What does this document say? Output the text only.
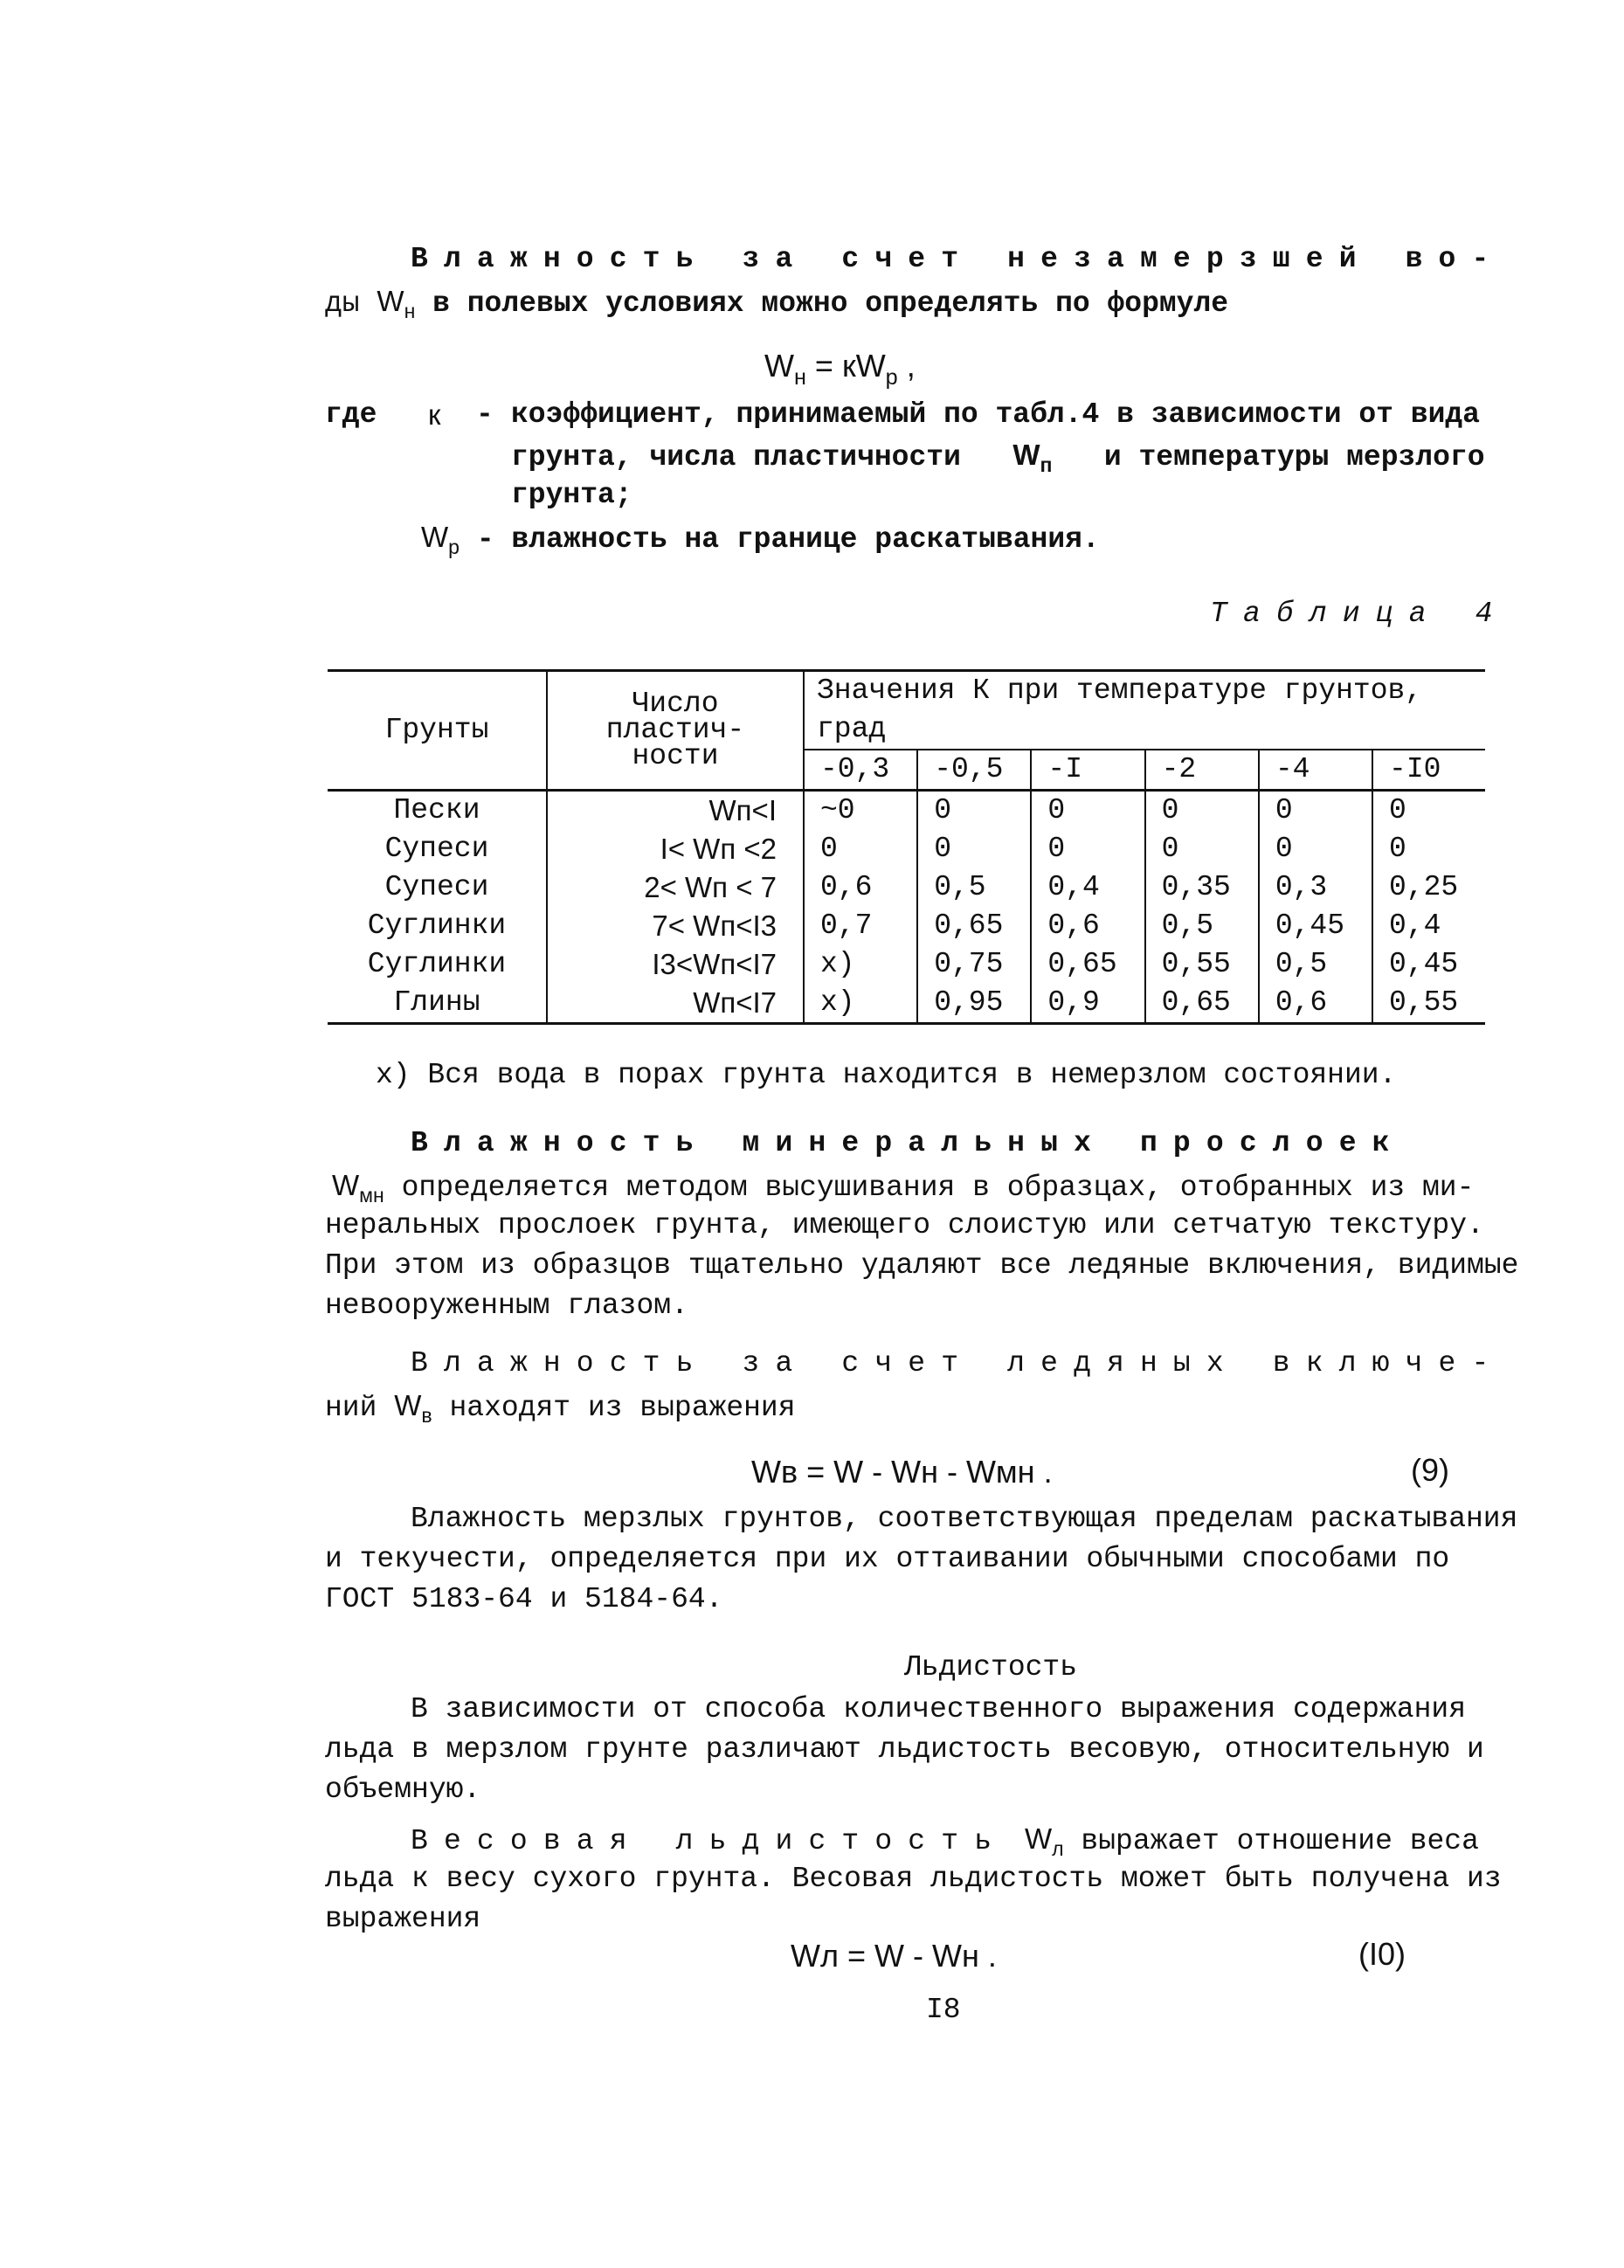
Влажность за счет незамерзшей во-
ды $W_н$ в полевых условиях можно определять по формуле
$W_н = кW_р$ ,
где к - коэффициент, принимаемый по табл.4 в зависимости от вида
грунта, числа пластичности $W_п$ и температуры мерзлого
грунта;
$W_р$ - влажность на границе раскатывания.
Таблица 4
Грунты	Число
пластич-
ности	Значения К при температуре грунтов, град					
		-0,3	-0,5	-I	-2	-4	-I0
Пески	Wп<I	~0	0	0	0	0	0
Супеси	I< Wп <2	0	0	0	0	0	0
Супеси	2< Wп < 7	0,6	0,5	0,4	0,35	0,3	0,25
Суглинки	7< Wп<I3	0,7	0,65	0,6	0,5	0,45	0,4
Суглинки	I3<Wп<I7	x)	0,75	0,65	0,55	0,5	0,45
Глины	Wп<I7	x)	0,95	0,9	0,65	0,6	0,55
x) Вся вода в порах грунта находится в немерзлом состоянии.
Влажность минеральных прослоек
$W_{мн}$ определяется методом высушивания в образцах, отобранных из ми-
неральных прослоек грунта, имеющего слоистую или сетчатую текстуру.
При этом из образцов тщательно удаляют все ледяные включения, видимые
невооруженным глазом.
Влажность за счет ледяных включе-
ний $W_в$ находят из выражения
Wв = W - Wн - Wмн .	(9)
Влажность мерзлых грунтов, соответствующая пределам раскатывания
и текучести, определяется при их оттаивании обычными способами по
ГОСТ 5183-64 и 5184-64.
Льдистость
В зависимости от способа количественного выражения содержания
льда в мерзлом грунте различают льдистость весовую, относительную и
объемную.
Весовая льдистость $W_л$ выражает отношение веса
льда к весу сухого грунта. Весовая льдистость может быть получена из
выражения
Wл = W - Wн .	(I0)
I8
